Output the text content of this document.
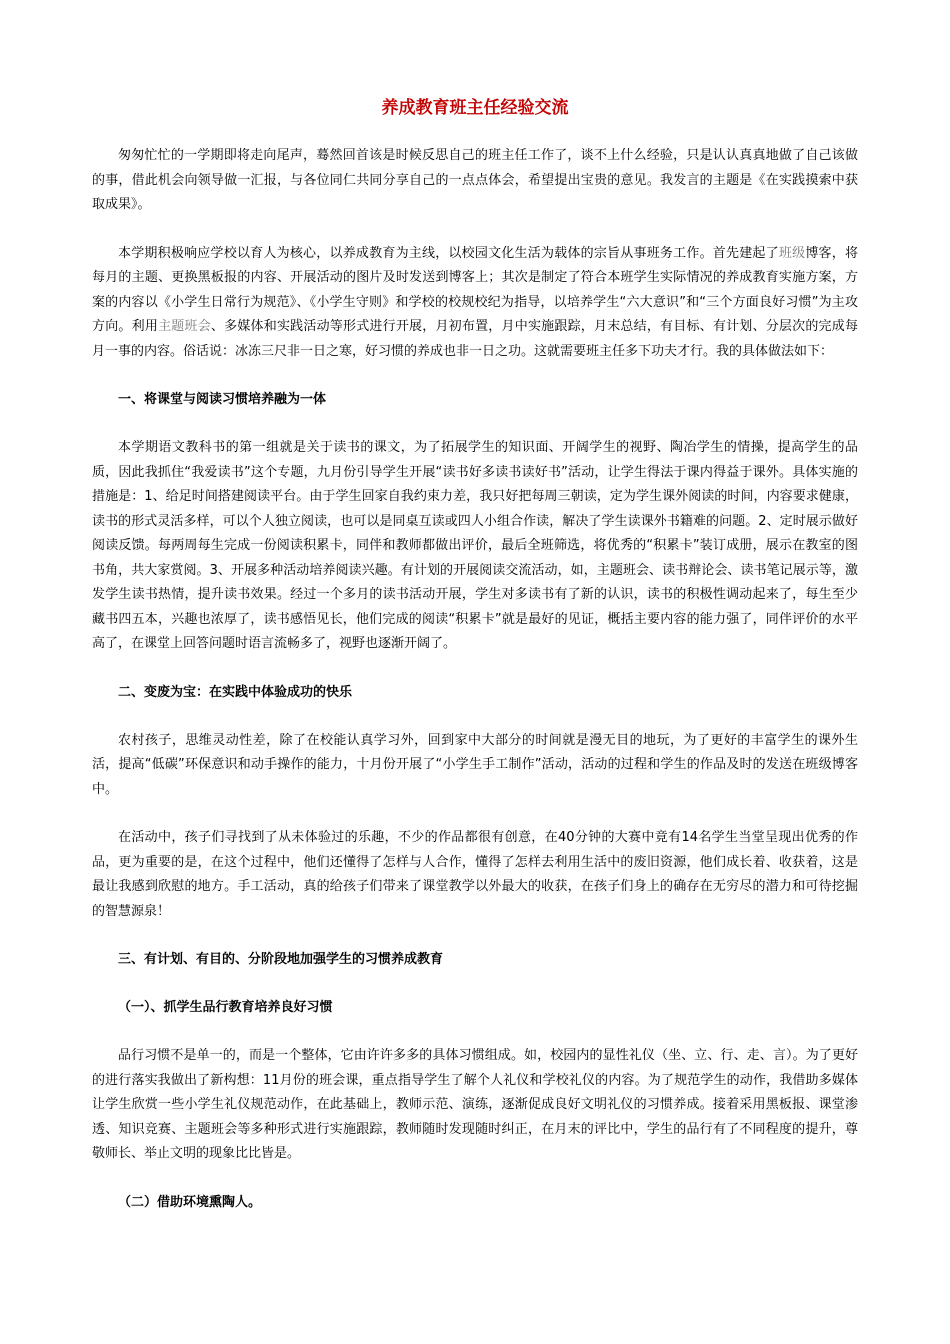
养成教育班主任经验交流

匆匆忙忙的一学期即将走向尾声，蓦然回首该是时候反思自己的班主任工作了，谈不上什么经验，只是认认真真地做了自己该做的事，借此机会向领导做一汇报，与各位同仁共同分享自己的一点点体会，希望提出宝贵的意见。我发言的主题是《在实践摸索中获取成果》。

本学期积极响应学校以育人为核心，以养成教育为主线，以校园文化生活为载体的宗旨从事班务工作。首先建起了班级博客，将每月的主题、更换黑板报的内容、开展活动的图片及时发送到博客上；其次是制定了符合本班学生实际情况的养成教育实施方案，方案的内容以《小学生日常行为规范》、《小学生守则》和学校的校规校纪为指导，以培养学生“六大意识”和“三个方面良好习惯”为主攻方向。利用主题班会、多媒体和实践活动等形式进行开展，月初布置，月中实施跟踪，月末总结，有目标、有计划、分层次的完成每月一事的内容。俗话说：冰冻三尺非一日之寒，好习惯的养成也非一日之功。这就需要班主任多下功夫才行。我的具体做法如下：

一、将课堂与阅读习惯培养融为一体

本学期语文教科书的第一组就是关于读书的课文，为了拓展学生的知识面、开阔学生的视野、陶冶学生的情操，提高学生的品质，因此我抓住“我爱读书”这个专题，九月份引导学生开展“读书好多读书读好书”活动，让学生得法于课内得益于课外。具体实施的措施是：1、给足时间搭建阅读平台。由于学生回家自我约束力差，我只好把每周三朝读，定为学生课外阅读的时间，内容要求健康，读书的形式灵活多样，可以个人独立阅读，也可以是同桌互读或四人小组合作读，解决了学生读课外书籍难的问题。2、定时展示做好阅读反馈。每两周每生完成一份阅读积累卡，同伴和教师都做出评价，最后全班筛选，将优秀的“积累卡”装订成册，展示在教室的图书角，共大家赏阅。3、开展多种活动培养阅读兴趣。有计划的开展阅读交流活动，如，主题班会、读书辩论会、读书笔记展示等，激发学生读书热情，提升读书效果。经过一个多月的读书活动开展，学生对多读书有了新的认识，读书的积极性调动起来了，每生至少藏书四五本，兴趣也浓厚了，读书感悟见长，他们完成的阅读“积累卡”就是最好的见证，概括主要内容的能力强了，同伴评价的水平高了，在课堂上回答问题时语言流畅多了，视野也逐渐开阔了。

二、变废为宝：在实践中体验成功的快乐

农村孩子，思维灵动性差，除了在校能认真学习外，回到家中大部分的时间就是漫无目的地玩，为了更好的丰富学生的课外生活，提高“低碳”环保意识和动手操作的能力，十月份开展了“小学生手工制作”活动，活动的过程和学生的作品及时的发送在班级博客中。

在活动中，孩子们寻找到了从未体验过的乐趣，不少的作品都很有创意，在40分钟的大赛中竟有14名学生当堂呈现出优秀的作品，更为重要的是，在这个过程中，他们还懂得了怎样与人合作，懂得了怎样去利用生活中的废旧资源，他们成长着、收获着，这是最让我感到欣慰的地方。手工活动，真的给孩子们带来了课堂教学以外最大的收获，在孩子们身上的确存在无穷尽的潜力和可待挖掘的智慧源泉！

三、有计划、有目的、分阶段地加强学生的习惯养成教育
（一）、抓学生品行教育培养良好习惯

品行习惯不是单一的，而是一个整体，它由许许多多的具体习惯组成。如，校园内的显性礼仪（坐、立、行、走、言）。为了更好的进行落实我做出了新构想：11月份的班会课，重点指导学生了解个人礼仪和学校礼仪的内容。为了规范学生的动作，我借助多媒体让学生欣赏一些小学生礼仪规范动作，在此基础上，教师示范、演练，逐渐促成良好文明礼仪的习惯养成。接着采用黑板报、课堂渗透、知识竞赛、主题班会等多种形式进行实施跟踪，教师随时发现随时纠正，在月末的评比中，学生的品行有了不同程度的提升，尊敬师长、举止文明的现象比比皆是。

（二）借助环境熏陶人。
